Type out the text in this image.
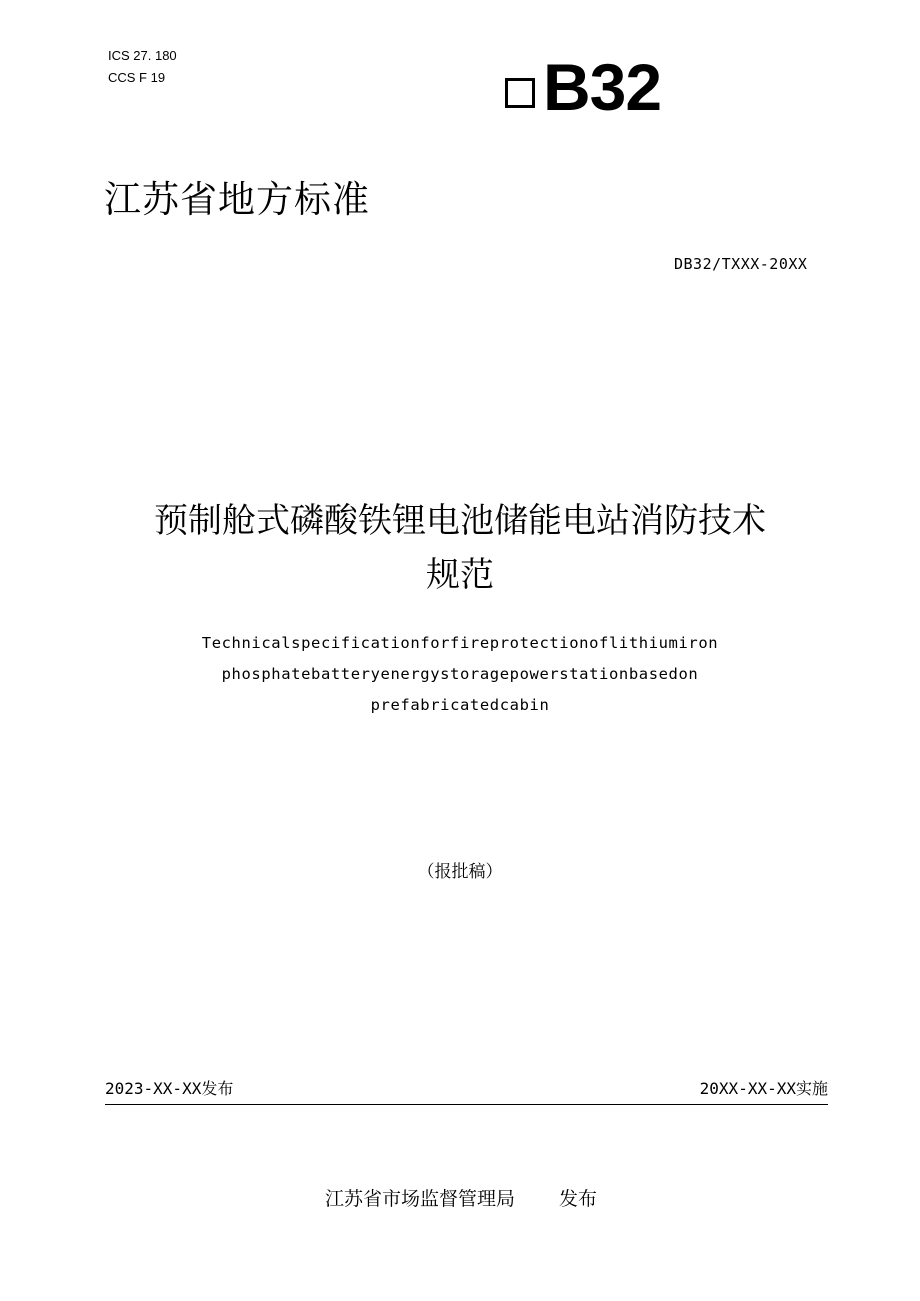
ICS 27. 180
CCS F 19	B32
江苏省地方标准
DB32/TXXX-20XX
预制舱式磷酸铁锂电池储能电站消防技术
规范
Technicalspecificationforfireprotectionoflithiumiron
phosphatebatteryenergystoragepowerstationbasedon
prefabricatedcabin
（报批稿）
2023-XX-XX发布	20XX-XX-XX实施
江苏省市场监督管理局 发布
